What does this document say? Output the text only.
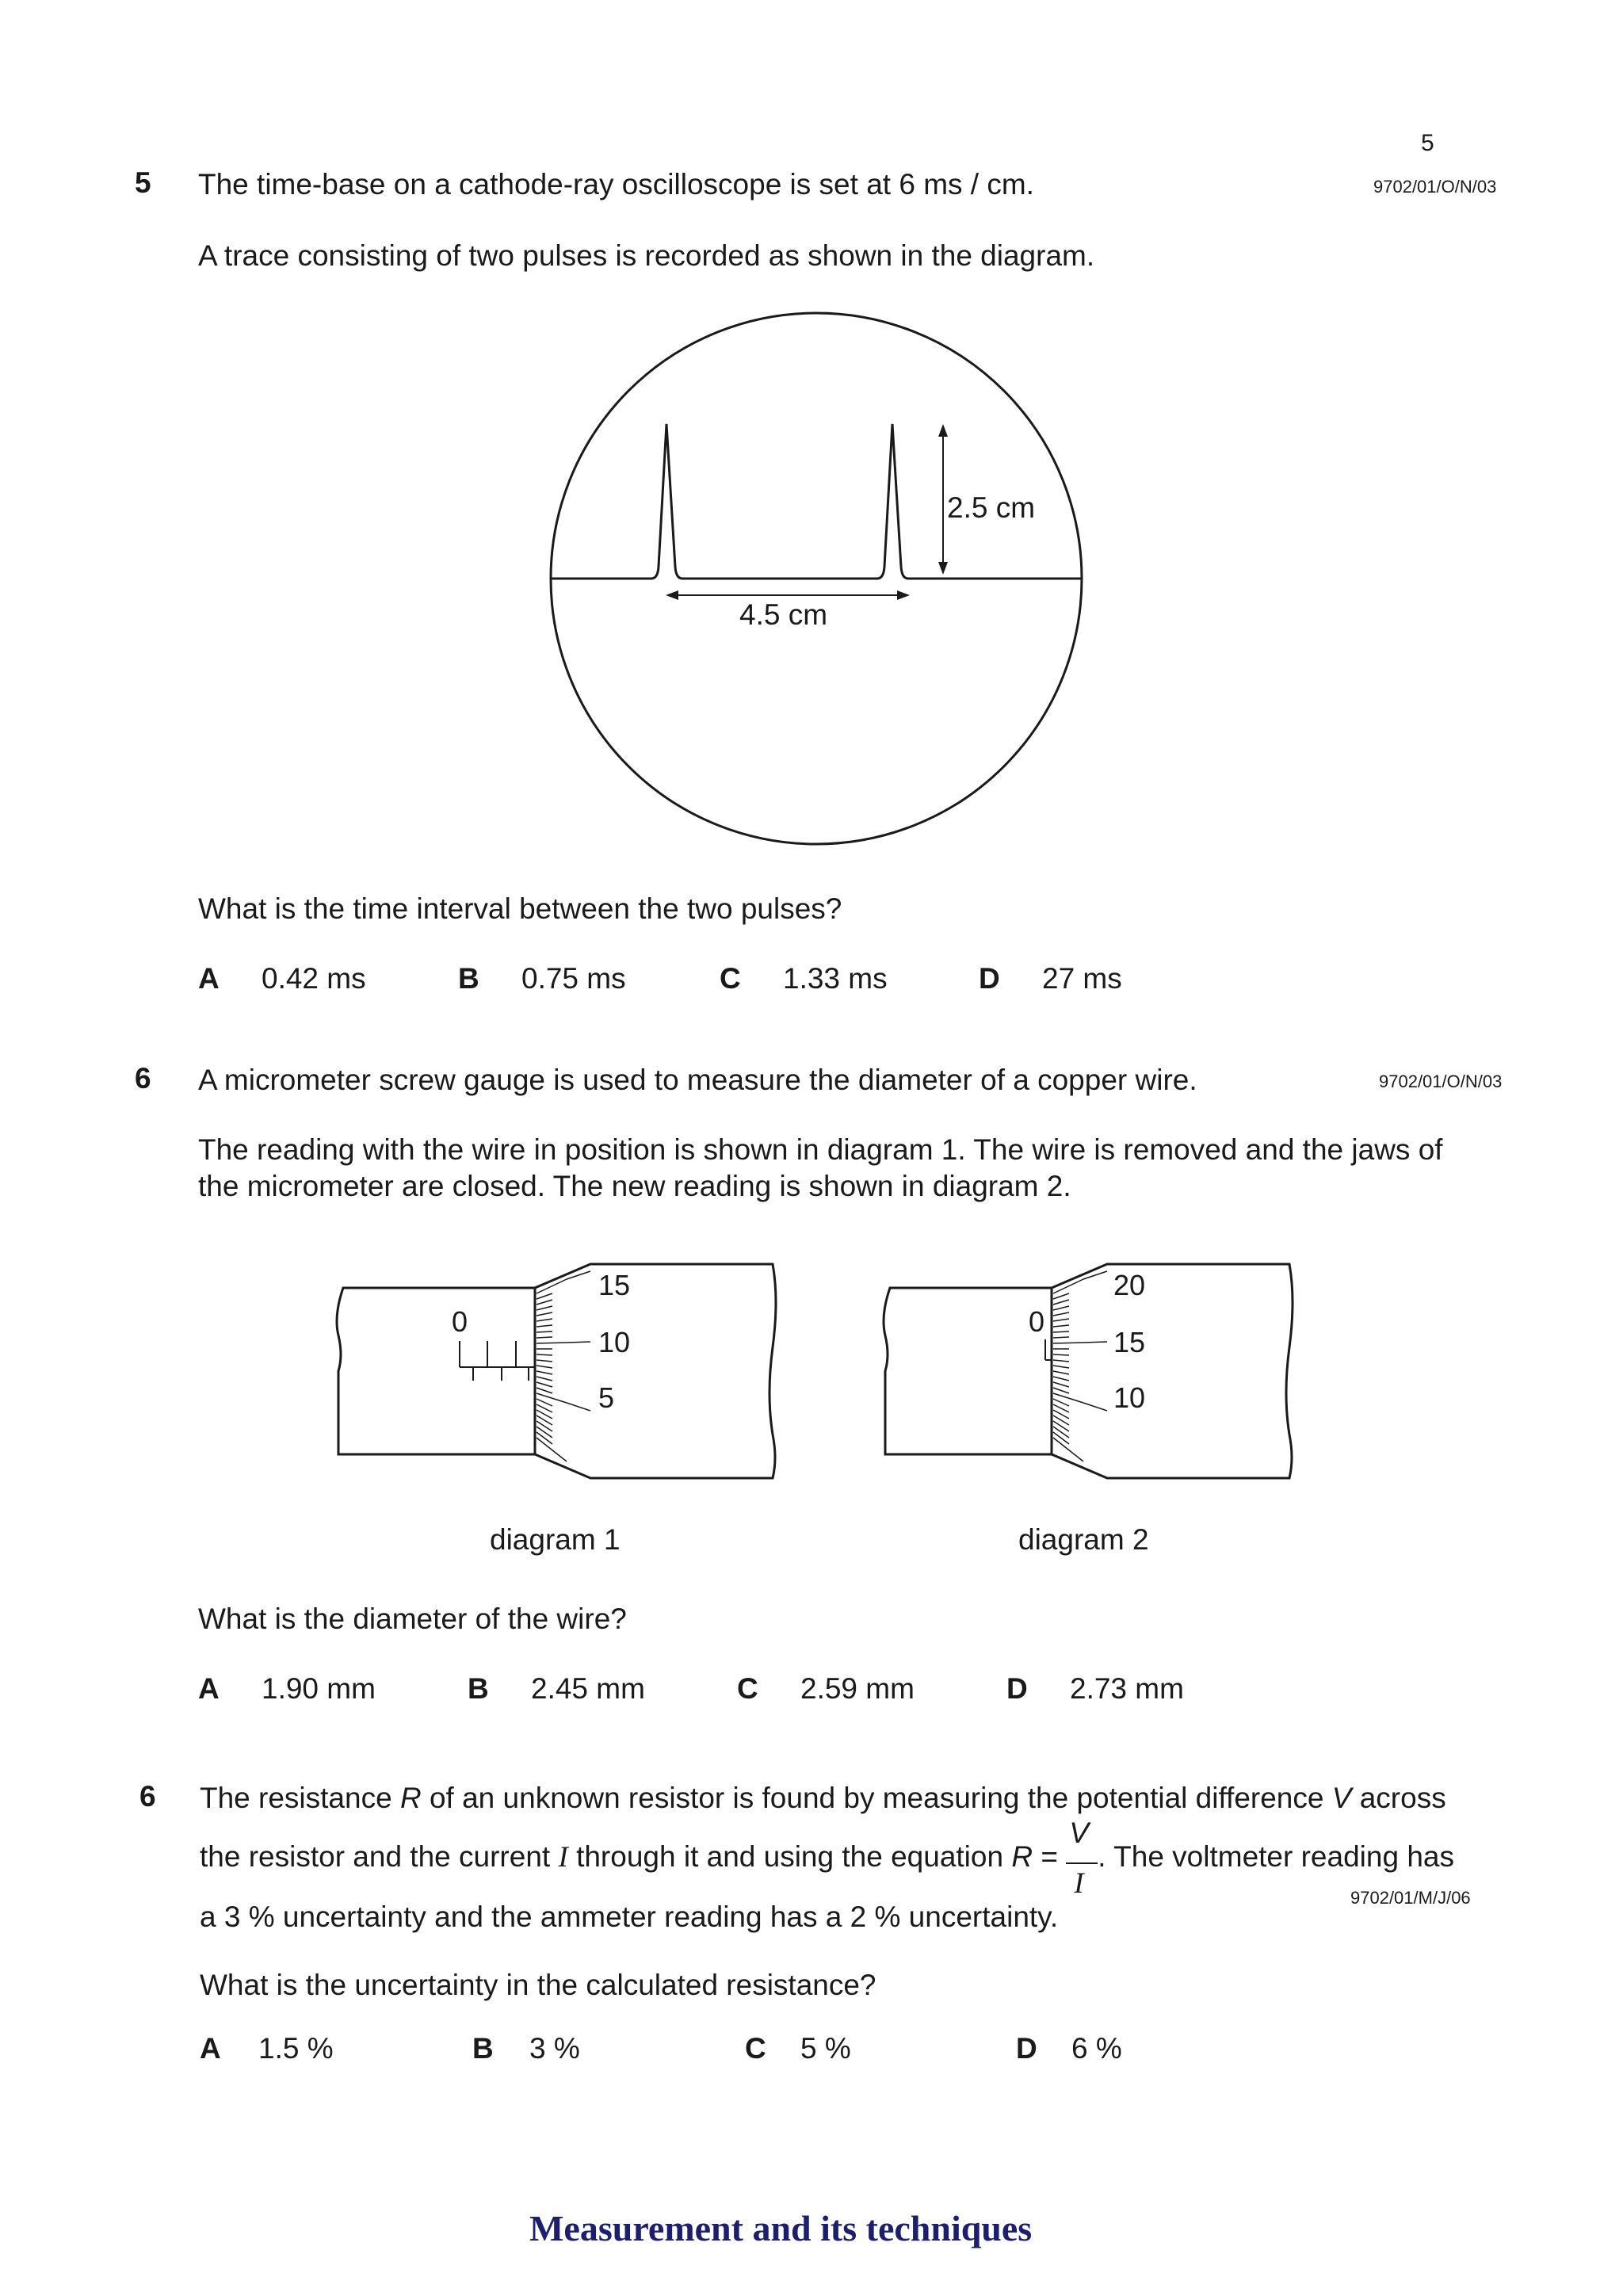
5
5 The time-base on a cathode-ray oscilloscope is set at 6 ms / cm.	9702/01/O/N/03
A trace consisting of two pulses is recorded as shown in the diagram.
2.5 cm
4.5 cm
What is the time interval between the two pulses?
A 0.42 ms	B 0.75 ms	C 1.33 ms	D 27 ms
6 A micrometer screw gauge is used to measure the diameter of a copper wire.	9702/01/O/N/03
The reading with the wire in position is shown in diagram 1. The wire is removed and the jaws of
the micrometer are closed. The new reading is shown in diagram 2.
0
15
10
5
diagram 1
0
20
15
10
diagram 2
What is the diameter of the wire?
A 1.90 mm	B 2.45 mm	C 2.59 mm	D 2.73 mm
6 The resistance R of an unknown resistor is found by measuring the potential difference V across
the resistor and the current I through it and using the equation $R = \frac{V}{I}$ . The voltmeter reading has
9702/01/M/J/06
a 3 % uncertainty and the ammeter reading has a 2 % uncertainty.
What is the uncertainty in the calculated resistance?
A 1.5 %	B 3 %	C 5 %	D 6 %
Measurement and its techniques
